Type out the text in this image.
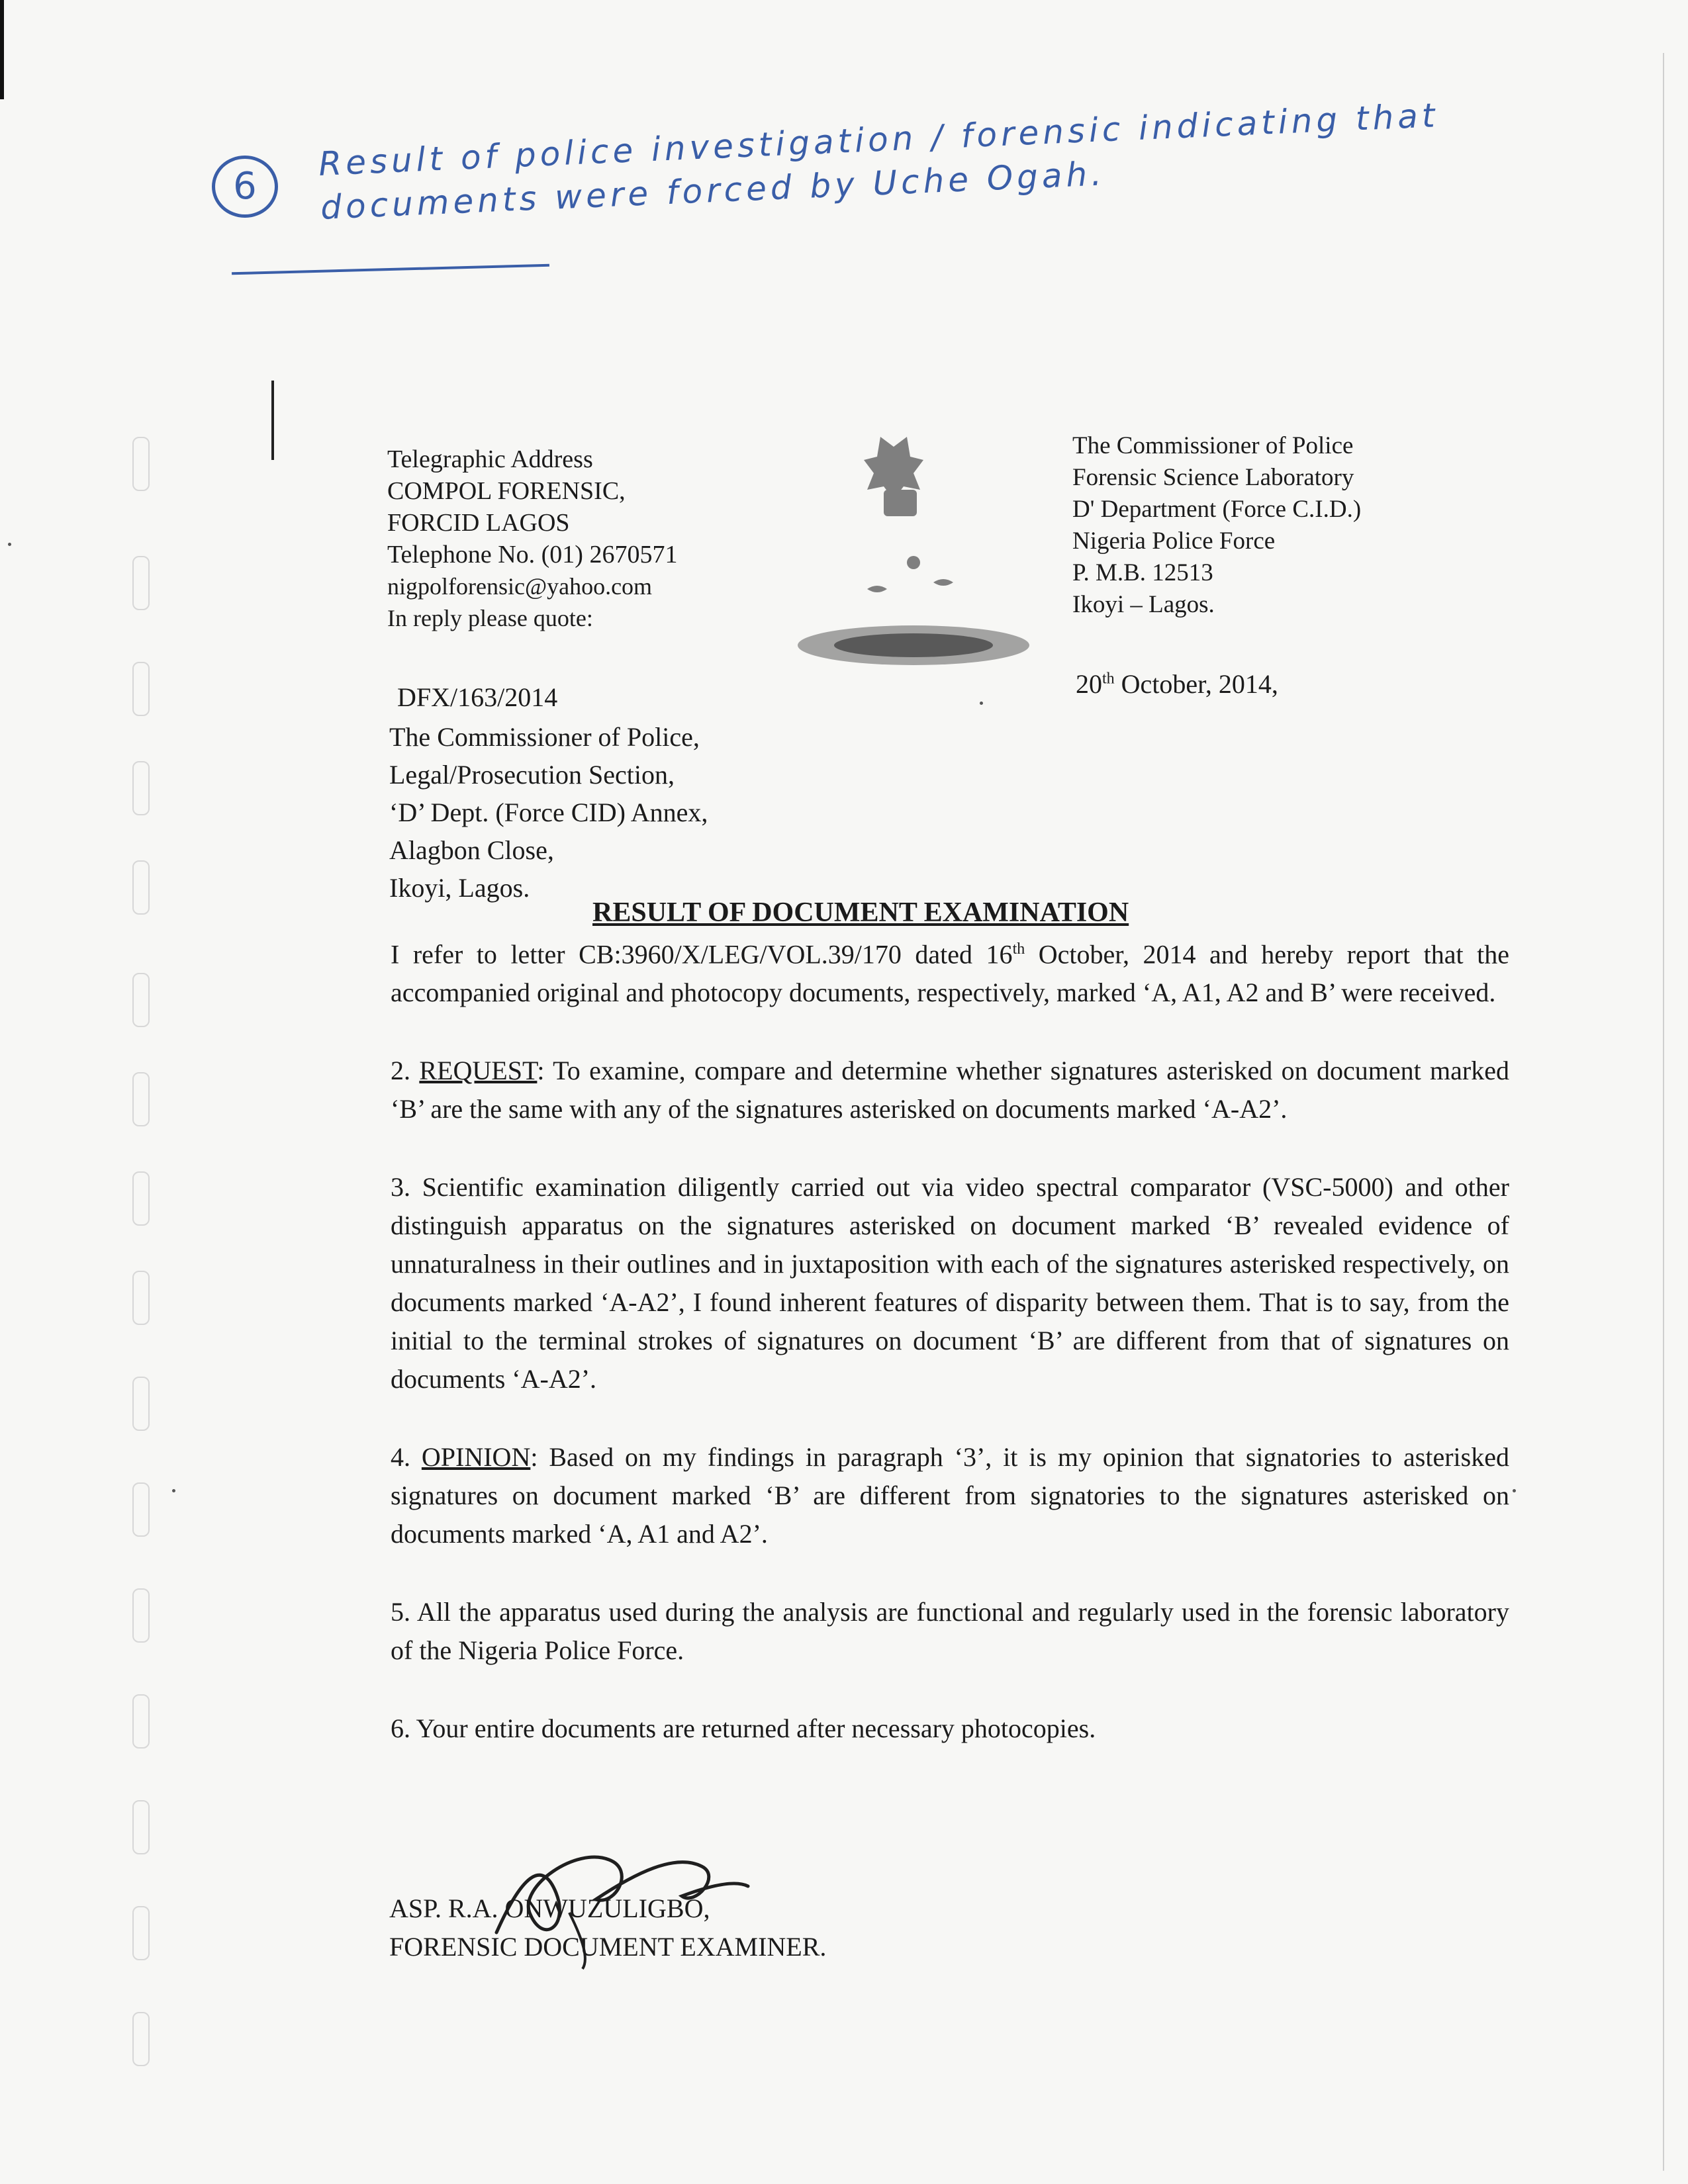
6
Result of police investigation / forensic indicating that documents were forced by Uche Ogah.
Telegraphic Address
COMPOL FORENSIC,
FORCID LAGOS
Telephone No. (01) 2670571
nigpolforensic@yahoo.com
In reply please quote:
The Commissioner of Police
Forensic Science Laboratory
D' Department (Force C.I.D.)
Nigeria Police Force
P. M.B. 12513
Ikoyi – Lagos.
20th October, 2014,
DFX/163/2014
The Commissioner of Police,
Legal/Prosecution Section,
‘D’ Dept. (Force CID) Annex,
Alagbon Close,
Ikoyi, Lagos.
RESULT OF DOCUMENT EXAMINATION

I refer to letter CB:3960/X/LEG/VOL.39/170 dated 16th October, 2014 and hereby report that the accompanied original and photocopy documents, respectively, marked ‘A, A1, A2 and B’ were received.

2. REQUEST: To examine, compare and determine whether signatures asterisked on document marked ‘B’ are the same with any of the signatures asterisked on documents marked ‘A-A2’.

3. Scientific examination diligently carried out via video spectral comparator (VSC-5000) and other distinguish apparatus on the signatures asterisked on document marked ‘B’ revealed evidence of unnaturalness in their outlines and in juxtaposition with each of the signatures asterisked respectively, on documents marked ‘A-A2’, I found inherent features of disparity between them. That is to say, from the initial to the terminal strokes of signatures on document ‘B’ are different from that of signatures on documents ‘A-A2’.

4. OPINION: Based on my findings in paragraph ‘3’, it is my opinion that signatories to asterisked signatures on document marked ‘B’ are different from signatories to the signatures asterisked on documents marked ‘A, A1 and A2’.

5. All the apparatus used during the analysis are functional and regularly used in the forensic laboratory of the Nigeria Police Force.

6. Your entire documents are returned after necessary photocopies.

ASP. R.A. ONWUZULIGBO,
FORENSIC DOCUMENT EXAMINER.
